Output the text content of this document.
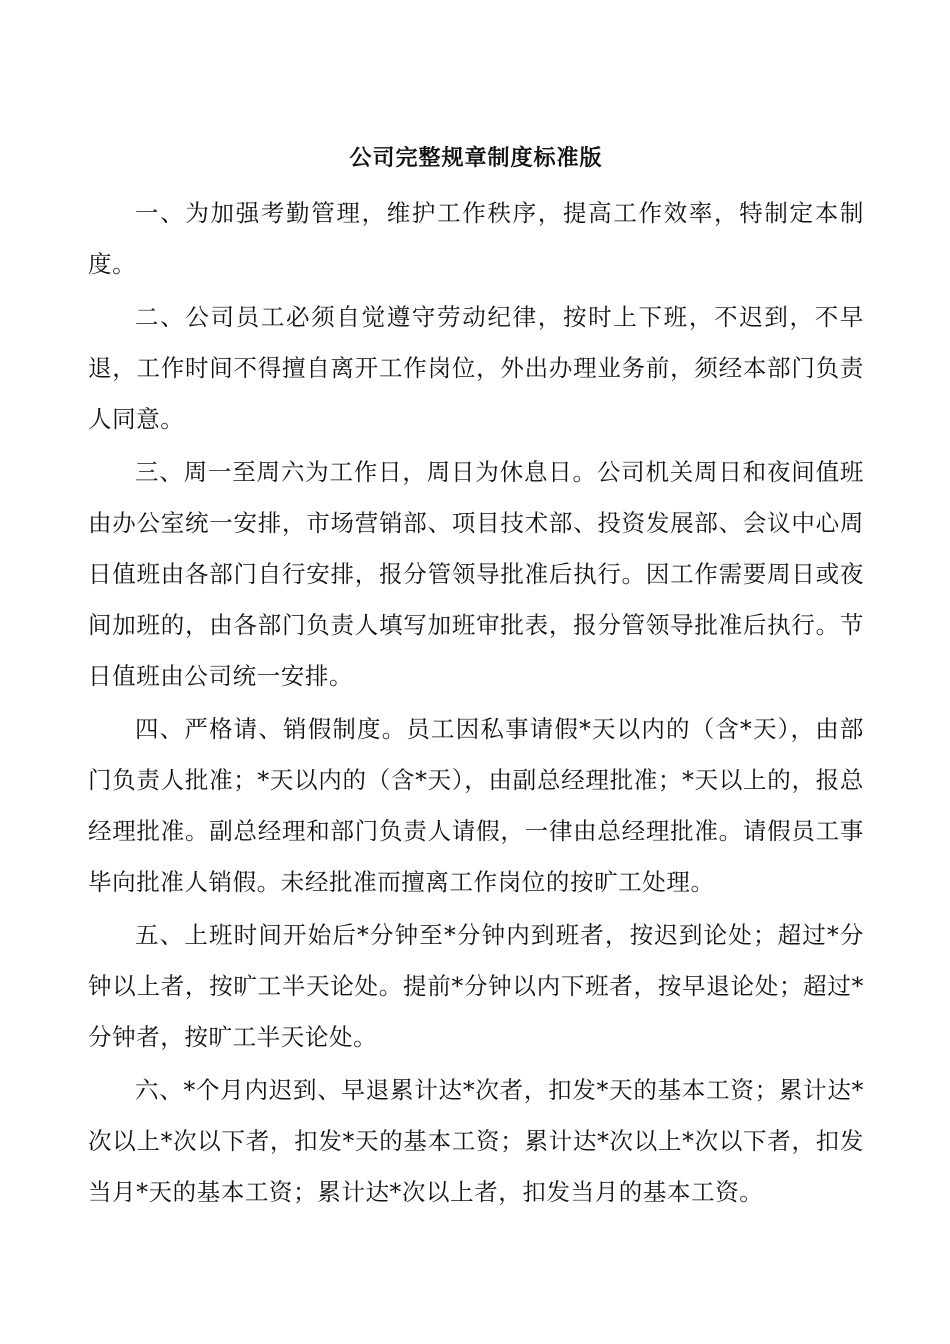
公司完整规章制度标准版

一、为加强考勤管理，维护工作秩序，提高工作效率，特制定本制度。

二、公司员工必须自觉遵守劳动纪律，按时上下班，不迟到，不早退，工作时间不得擅自离开工作岗位，外出办理业务前，须经本部门负责人同意。

三、周一至周六为工作日，周日为休息日。公司机关周日和夜间值班由办公室统一安排，市场营销部、项目技术部、投资发展部、会议中心周日值班由各部门自行安排，报分管领导批准后执行。因工作需要周日或夜间加班的，由各部门负责人填写加班审批表，报分管领导批准后执行。节日值班由公司统一安排。

四、严格请、销假制度。员工因私事请假*天以内的（含*天），由部门负责人批准；*天以内的（含*天），由副总经理批准；*天以上的，报总经理批准。副总经理和部门负责人请假，一律由总经理批准。请假员工事毕向批准人销假。未经批准而擅离工作岗位的按旷工处理。

五、上班时间开始后*分钟至*分钟内到班者，按迟到论处；超过*分钟以上者，按旷工半天论处。提前*分钟以内下班者，按早退论处；超过*分钟者，按旷工半天论处。

六、*个月内迟到、早退累计达*次者，扣发*天的基本工资；累计达*次以上*次以下者，扣发*天的基本工资；累计达*次以上*次以下者，扣发当月*天的基本工资；累计达*次以上者，扣发当月的基本工资。
